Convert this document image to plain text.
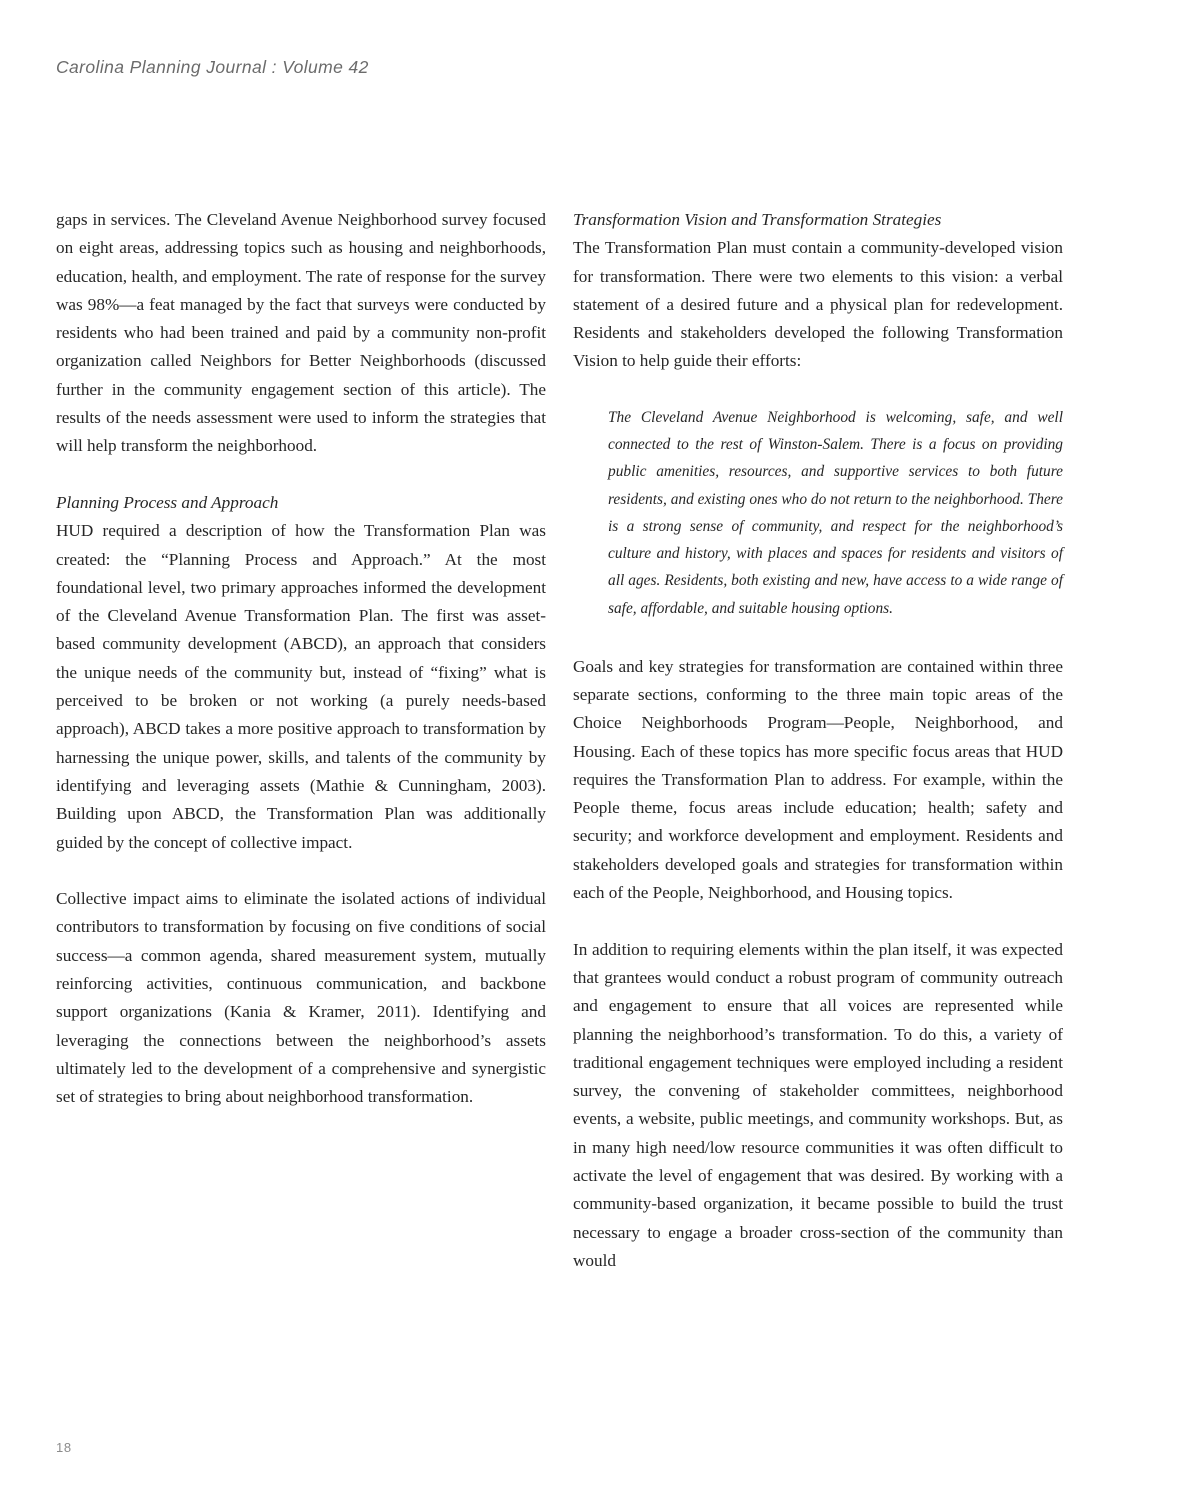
Carolina Planning Journal : Volume 42

gaps in services. The Cleveland Avenue Neighborhood survey focused on eight areas, addressing topics such as housing and neighborhoods, education, health, and employment. The rate of response for the survey was 98%—a feat managed by the fact that surveys were conducted by residents who had been trained and paid by a community non-profit organization called Neighbors for Better Neighborhoods (discussed further in the community engagement section of this article). The results of the needs assessment were used to inform the strategies that will help transform the neighborhood.

Planning Process and Approach

HUD required a description of how the Transformation Plan was created: the “Planning Process and Approach.” At the most foundational level, two primary approaches informed the development of the Cleveland Avenue Transformation Plan. The first was asset-based community development (ABCD), an approach that considers the unique needs of the community but, instead of “fixing” what is perceived to be broken or not working (a purely needs-based approach), ABCD takes a more positive approach to transformation by harnessing the unique power, skills, and talents of the community by identifying and leveraging assets (Mathie & Cunningham, 2003). Building upon ABCD, the Transformation Plan was additionally guided by the concept of collective impact.

Collective impact aims to eliminate the isolated actions of individual contributors to transformation by focusing on five conditions of social success—a common agenda, shared measurement system, mutually reinforcing activities, continuous communication, and backbone support organizations (Kania & Kramer, 2011). Identifying and leveraging the connections between the neighborhood’s assets ultimately led to the development of a comprehensive and synergistic set of strategies to bring about neighborhood transformation.

Transformation Vision and Transformation Strategies

The Transformation Plan must contain a community-developed vision for transformation. There were two elements to this vision: a verbal statement of a desired future and a physical plan for redevelopment. Residents and stakeholders developed the following Transformation Vision to help guide their efforts:

The Cleveland Avenue Neighborhood is welcoming, safe, and well connected to the rest of Winston-Salem. There is a focus on providing public amenities, resources, and supportive services to both future residents, and existing ones who do not return to the neighborhood. There is a strong sense of community, and respect for the neighborhood’s culture and history, with places and spaces for residents and visitors of all ages. Residents, both existing and new, have access to a wide range of safe, affordable, and suitable housing options.

Goals and key strategies for transformation are contained within three separate sections, conforming to the three main topic areas of the Choice Neighborhoods Program—People, Neighborhood, and Housing. Each of these topics has more specific focus areas that HUD requires the Transformation Plan to address. For example, within the People theme, focus areas include education; health; safety and security; and workforce development and employment. Residents and stakeholders developed goals and strategies for transformation within each of the People, Neighborhood, and Housing topics.

In addition to requiring elements within the plan itself, it was expected that grantees would conduct a robust program of community outreach and engagement to ensure that all voices are represented while planning the neighborhood’s transformation. To do this, a variety of traditional engagement techniques were employed including a resident survey, the convening of stakeholder committees, neighborhood events, a website, public meetings, and community workshops. But, as in many high need/low resource communities it was often difficult to activate the level of engagement that was desired. By working with a community-based organization, it became possible to build the trust necessary to engage a broader cross-section of the community than would

18
